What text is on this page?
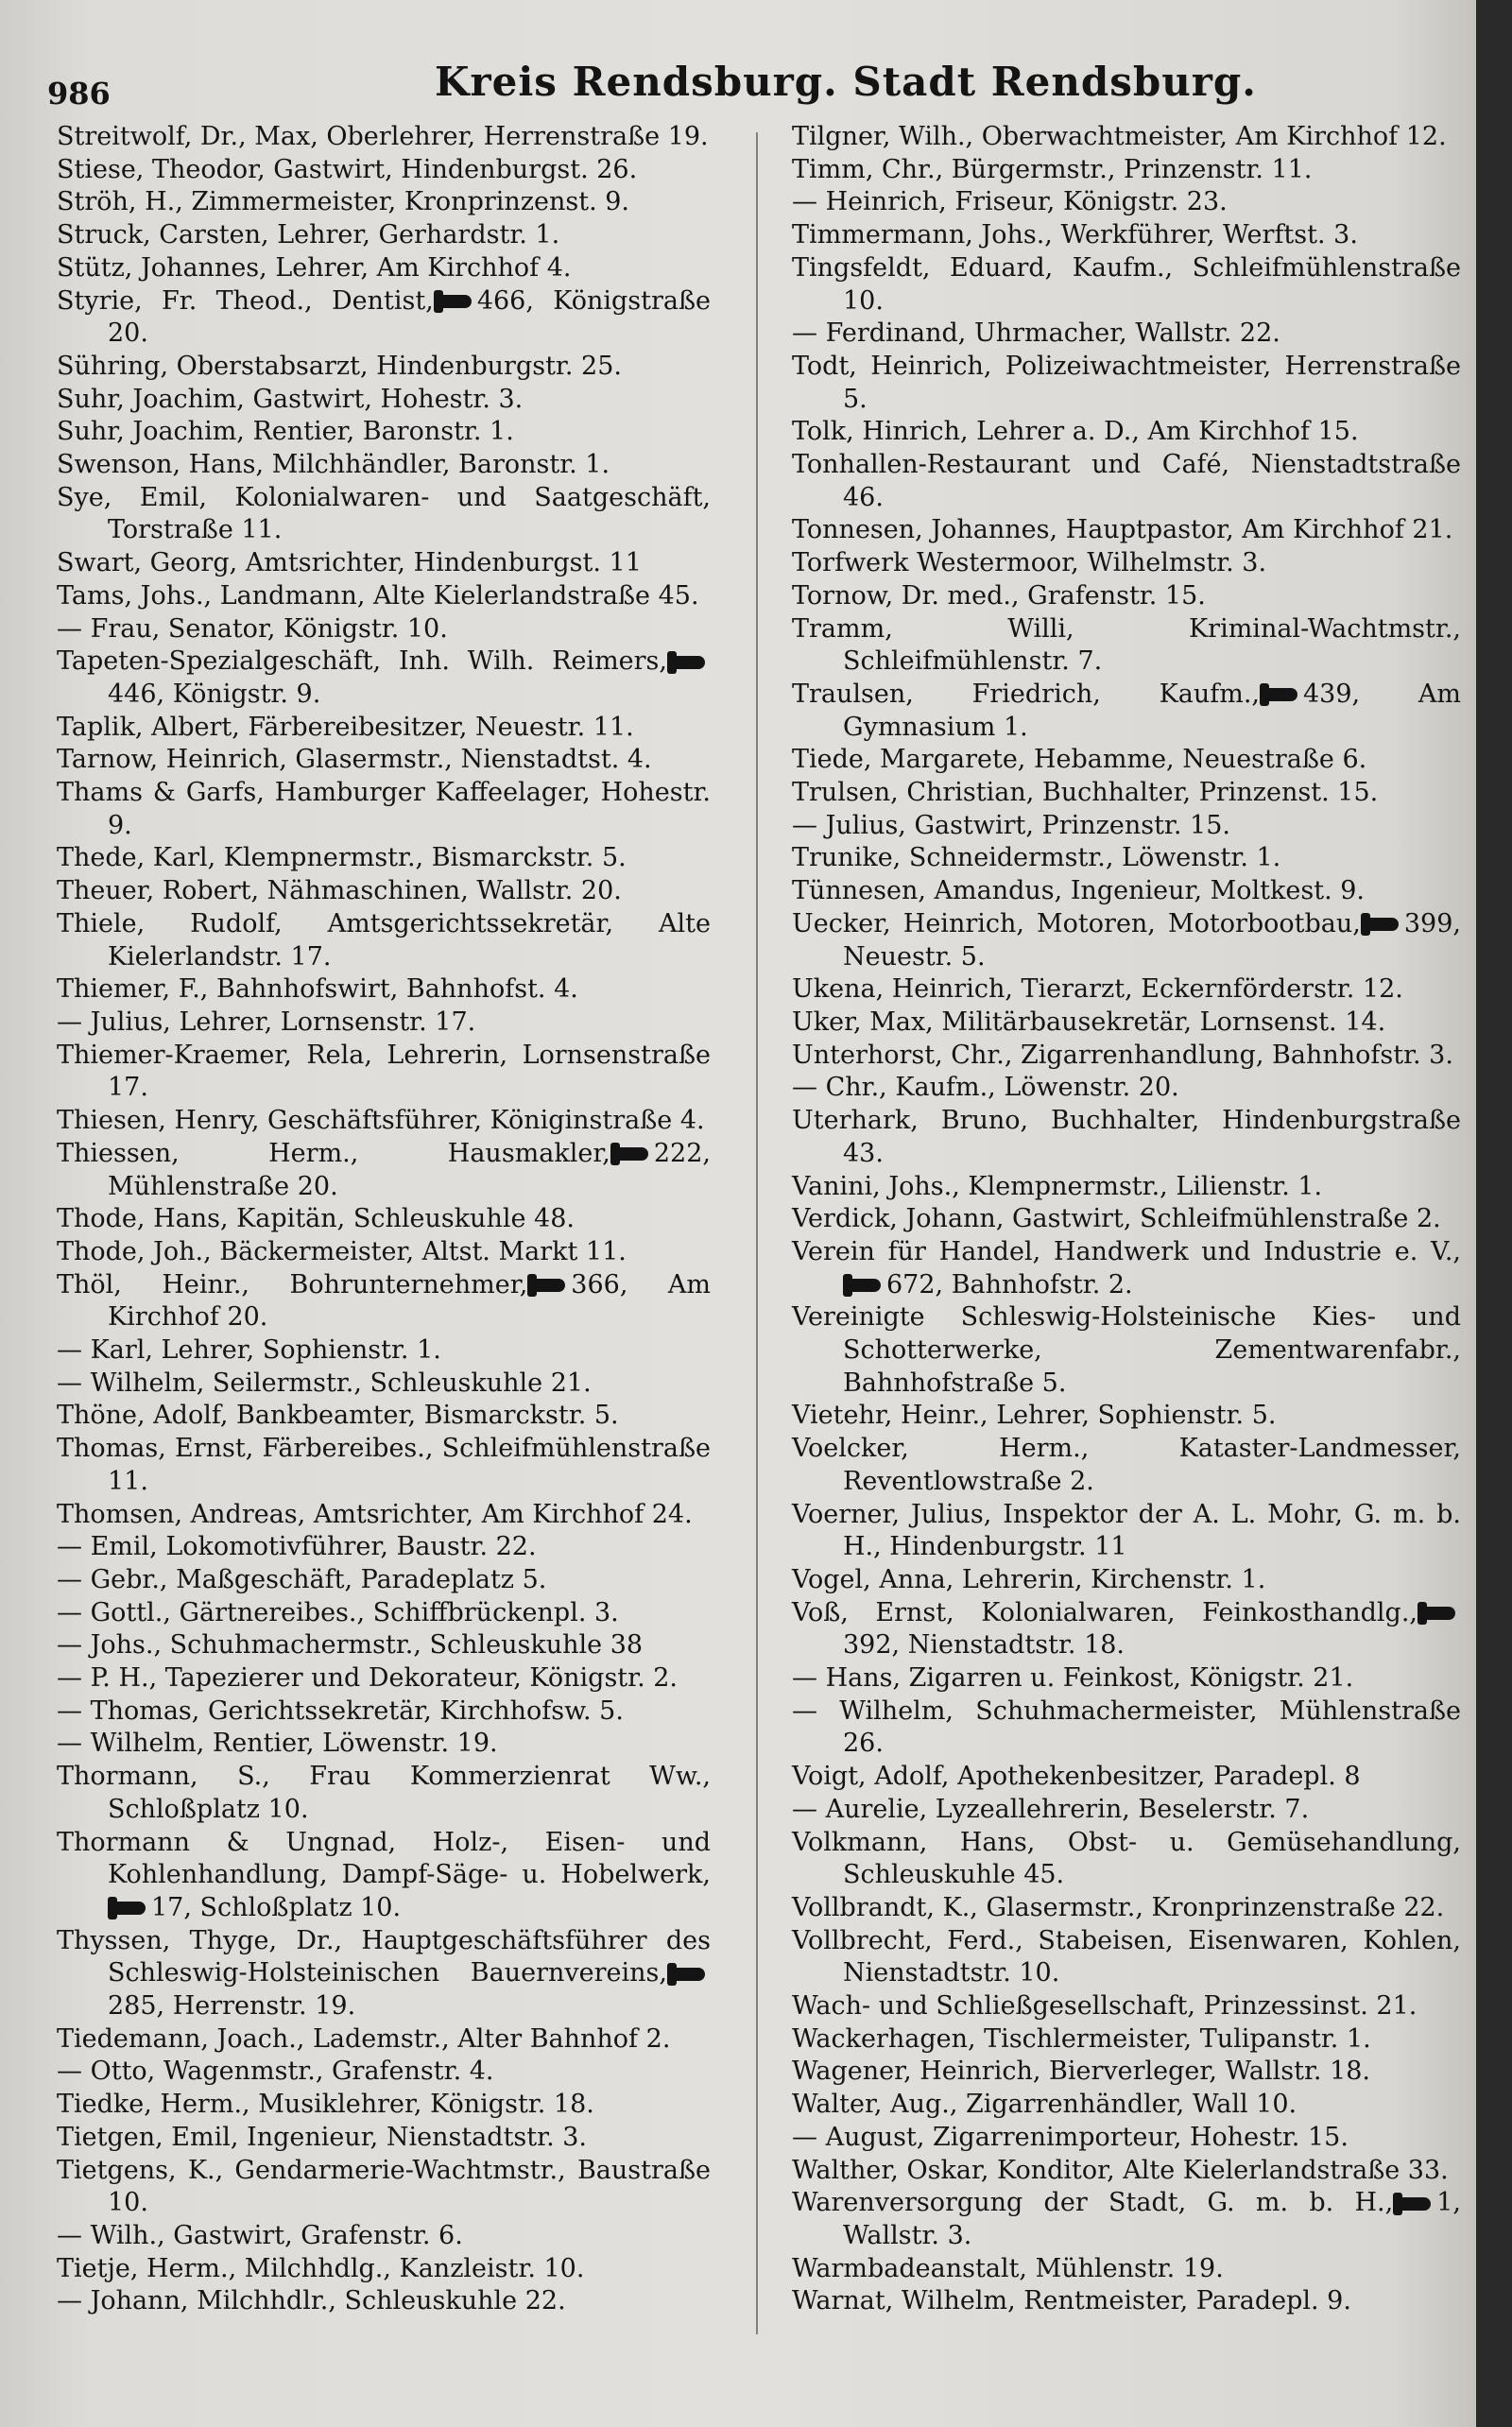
986	Kreis Rendsburg. Stadt Rendsburg.

Streitwolf, Dr., Max, Oberlehrer, Herrenstraße 19.

Stiese, Theodor, Gastwirt, Hindenburgst. 26.

Ströh, H., Zimmermeister, Kronprinzenst. 9.

Struck, Carsten, Lehrer, Gerhardstr. 1.

Stütz, Johannes, Lehrer, Am Kirchhof 4.

Styrie, Fr. Theod., Dentist, 466, Königstraße 20.

Sühring, Oberstabsarzt, Hindenburgstr. 25.

Suhr, Joachim, Gastwirt, Hohestr. 3.

Suhr, Joachim, Rentier, Baronstr. 1.

Swenson, Hans, Milchhändler, Baronstr. 1.

Sye, Emil, Kolonialwaren- und Saatgeschäft, Torstraße 11.

Swart, Georg, Amtsrichter, Hindenburgst. 11

Tams, Johs., Landmann, Alte Kielerlandstraße 45.

— Frau, Senator, Königstr. 10.

Tapeten-Spezialgeschäft, Inh. Wilh. Reimers,446, Königstr. 9.

Taplik, Albert, Färbereibesitzer, Neuestr. 11.

Tarnow, Heinrich, Glasermstr., Nienstadtst. 4.

Thams & Garfs, Hamburger Kaffeelager, Hohestr. 9.

Thede, Karl, Klempnermstr., Bismarckstr. 5.

Theuer, Robert, Nähmaschinen, Wallstr. 20.

Thiele, Rudolf, Amtsgerichtssekretär, Alte Kielerlandstr. 17.

Thiemer, F., Bahnhofswirt, Bahnhofst. 4.

— Julius, Lehrer, Lornsenstr. 17.

Thiemer-Kraemer, Rela, Lehrerin, Lornsenstraße 17.

Thiesen, Henry, Geschäftsführer, Königinstraße 4.

Thiessen, Herm., Hausmakler, 222, Mühlenstraße 20.

Thode, Hans, Kapitän, Schleuskuhle 48.

Thode, Joh., Bäckermeister, Altst. Markt 11.

Thöl, Heinr., Bohrunternehmer, 366, Am Kirchhof 20.

— Karl, Lehrer, Sophienstr. 1.

— Wilhelm, Seilermstr., Schleuskuhle 21.

Thöne, Adolf, Bankbeamter, Bismarckstr. 5.

Thomas, Ernst, Färbereibes., Schleifmühlenstraße 11.

Thomsen, Andreas, Amtsrichter, Am Kirchhof 24.

— Emil, Lokomotivführer, Baustr. 22.

— Gebr., Maßgeschäft, Paradeplatz 5.

— Gottl., Gärtnereibes., Schiffbrückenpl. 3.

— Johs., Schuhmachermstr., Schleuskuhle 38

— P. H., Tapezierer und Dekorateur, Königstr. 2.

— Thomas, Gerichtssekretär, Kirchhofsw. 5.

— Wilhelm, Rentier, Löwenstr. 19.

Thormann, S., Frau Kommerzienrat Ww., Schloßplatz 10.

Thormann & Ungnad, Holz-, Eisen- und Kohlenhandlung, Dampf-Säge- u. Hobelwerk,17, Schloßplatz 10.

Thyssen, Thyge, Dr., Hauptgeschäftsführer des Schleswig-Holsteinischen Bauernvereins,285, Herrenstr. 19.

Tiedemann, Joach., Lademstr., Alter Bahnhof 2.

— Otto, Wagenmstr., Grafenstr. 4.

Tiedke, Herm., Musiklehrer, Königstr. 18.

Tietgen, Emil, Ingenieur, Nienstadtstr. 3.

Tietgens, K., Gendarmerie-Wachtmstr., Baustraße 10.

— Wilh., Gastwirt, Grafenstr. 6.

Tietje, Herm., Milchhdlg., Kanzleistr. 10.

— Johann, Milchhdlr., Schleuskuhle 22.

Tilgner, Wilh., Oberwachtmeister, Am Kirchhof 12.

Timm, Chr., Bürgermstr., Prinzenstr. 11.

— Heinrich, Friseur, Königstr. 23.

Timmermann, Johs., Werkführer, Werftst. 3.

Tingsfeldt, Eduard, Kaufm., Schleifmühlenstraße 10.

— Ferdinand, Uhrmacher, Wallstr. 22.

Todt, Heinrich, Polizeiwachtmeister, Herrenstraße 5.

Tolk, Hinrich, Lehrer a. D., Am Kirchhof 15.

Tonhallen-Restaurant und Café, Nienstadtstraße 46.

Tonnesen, Johannes, Hauptpastor, Am Kirchhof 21.

Torfwerk Westermoor, Wilhelmstr. 3.

Tornow, Dr. med., Grafenstr. 15.

Tramm, Willi, Kriminal-Wachtmstr., Schleifmühlenstr. 7.

Traulsen, Friedrich, Kaufm., 439, Am Gymnasium 1.

Tiede, Margarete, Hebamme, Neuestraße 6.

Trulsen, Christian, Buchhalter, Prinzenst. 15.

— Julius, Gastwirt, Prinzenstr. 15.

Trunike, Schneidermstr., Löwenstr. 1.

Tünnesen, Amandus, Ingenieur, Moltkest. 9.

Uecker, Heinrich, Motoren, Motorbootbau, 399, Neuestr. 5.

Ukena, Heinrich, Tierarzt, Eckernförderstr. 12.

Uker, Max, Militärbausekretär, Lornsenst. 14.

Unterhorst, Chr., Zigarrenhandlung, Bahnhofstr. 3.

— Chr., Kaufm., Löwenstr. 20.

Uterhark, Bruno, Buchhalter, Hindenburgstraße 43.

Vanini, Johs., Klempnermstr., Lilienstr. 1.

Verdick, Johann, Gastwirt, Schleifmühlenstraße 2.

Verein für Handel, Handwerk und Industrie e. V.,672, Bahnhofstr. 2.

Vereinigte Schleswig-Holsteinische Kies- und Schotterwerke, Zementwarenfabr., Bahnhofstraße 5.

Vietehr, Heinr., Lehrer, Sophienstr. 5.

Voelcker, Herm., Kataster-Landmesser, Reventlowstraße 2.

Voerner, Julius, Inspektor der A. L. Mohr, G. m. b. H., Hindenburgstr. 11

Vogel, Anna, Lehrerin, Kirchenstr. 1.

Voß, Ernst, Kolonialwaren, Feinkosthandlg.,392, Nienstadtstr. 18.

— Hans, Zigarren u. Feinkost, Königstr. 21.

— Wilhelm, Schuhmachermeister, Mühlenstraße 26.

Voigt, Adolf, Apothekenbesitzer, Paradepl. 8

— Aurelie, Lyzeallehrerin, Beselerstr. 7.

Volkmann, Hans, Obst- u. Gemüsehandlung, Schleuskuhle 45.

Vollbrandt, K., Glasermstr., Kronprinzenstraße 22.

Vollbrecht, Ferd., Stabeisen, Eisenwaren, Kohlen, Nienstadtstr. 10.

Wach- und Schließgesellschaft, Prinzessinst. 21.

Wackerhagen, Tischlermeister, Tulipanstr. 1.

Wagener, Heinrich, Bierverleger, Wallstr. 18.

Walter, Aug., Zigarrenhändler, Wall 10.

— August, Zigarrenimporteur, Hohestr. 15.

Walther, Oskar, Konditor, Alte Kielerlandstraße 33.

Warenversorgung der Stadt, G. m. b. H., 1, Wallstr. 3.

Warmbadeanstalt, Mühlenstr. 19.

Warnat, Wilhelm, Rentmeister, Paradepl. 9.
